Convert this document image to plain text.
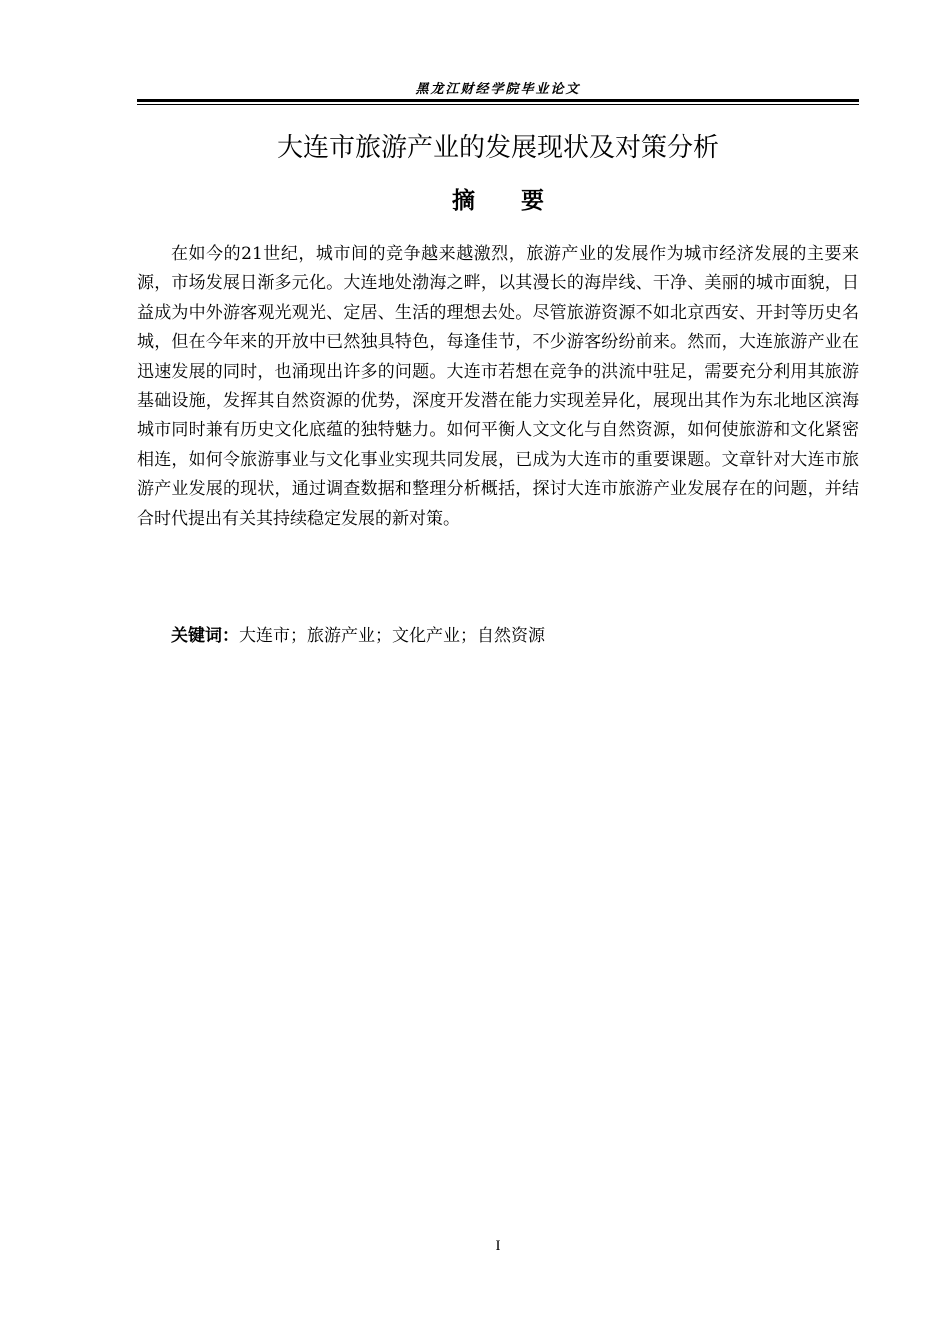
黑龙江财经学院毕业论文
大连市旅游产业的发展现状及对策分析
摘要

在如今的21世纪，城市间的竞争越来越激烈，旅游产业的发展作为城市经济发展的主要来源，市场发展日渐多元化。大连地处渤海之畔，以其漫长的海岸线、干净、美丽的城市面貌，日益成为中外游客观光观光、定居、生活的理想去处。尽管旅游资源不如北京西安、开封等历史名城，但在今年来的开放中已然独具特色，每逢佳节，不少游客纷纷前来。然而，大连旅游产业在迅速发展的同时，也涌现出许多的问题。大连市若想在竞争的洪流中驻足，需要充分利用其旅游基础设施，发挥其自然资源的优势，深度开发潜在能力实现差异化，展现出其作为东北地区滨海城市同时兼有历史文化底蕴的独特魅力。如何平衡人文文化与自然资源，如何使旅游和文化紧密相连，如何令旅游事业与文化事业实现共同发展，已成为大连市的重要课题。文章针对大连市旅游产业发展的现状，通过调查数据和整理分析概括，探讨大连市旅游产业发展存在的问题，并结合时代提出有关其持续稳定发展的新对策。

关键词：大连市；旅游产业；文化产业；自然资源

I
